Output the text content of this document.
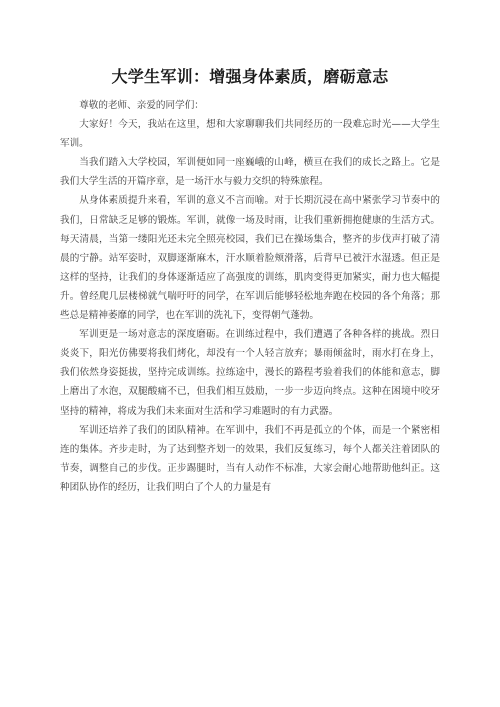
大学生军训：增强身体素质，磨砺意志

尊敬的老师、亲爱的同学们：

大家好！今天，我站在这里，想和大家聊聊我们共同经历的一段难忘时光——大学生军训。

当我们踏入大学校园，军训便如同一座巍峨的山峰，横亘在我们的成长之路上。它是我们大学生活的开篇序章，是一场汗水与毅力交织的特殊旅程。

从身体素质提升来看，军训的意义不言而喻。对于长期沉浸在高中紧张学习节奏中的我们，日常缺乏足够的锻炼。军训，就像一场及时雨，让我们重新拥抱健康的生活方式。每天清晨，当第一缕阳光还未完全照亮校园，我们已在操场集合，整齐的步伐声打破了清晨的宁静。站军姿时，双脚逐渐麻木，汗水顺着脸颊滑落，后背早已被汗水湿透。但正是这样的坚持，让我们的身体逐渐适应了高强度的训练，肌肉变得更加紧实，耐力也大幅提升。曾经爬几层楼梯就气喘吁吁的同学，在军训后能够轻松地奔跑在校园的各个角落；那些总是精神萎靡的同学，也在军训的洗礼下，变得朝气蓬勃。

军训更是一场对意志的深度磨砺。在训练过程中，我们遭遇了各种各样的挑战。烈日炎炎下，阳光仿佛要将我们烤化，却没有一个人轻言放弃；暴雨倾盆时，雨水打在身上，我们依然身姿挺拔，坚持完成训练。拉练途中，漫长的路程考验着我们的体能和意志，脚上磨出了水泡，双腿酸痛不已，但我们相互鼓励，一步一步迈向终点。这种在困境中咬牙坚持的精神，将成为我们未来面对生活和学习难题时的有力武器。

军训还培养了我们的团队精神。在军训中，我们不再是孤立的个体，而是一个紧密相连的集体。齐步走时，为了达到整齐划一的效果，我们反复练习，每个人都关注着团队的节奏，调整自己的步伐。正步踢腿时，当有人动作不标准，大家会耐心地帮助他纠正。这种团队协作的经历，让我们明白了个人的力量是有
